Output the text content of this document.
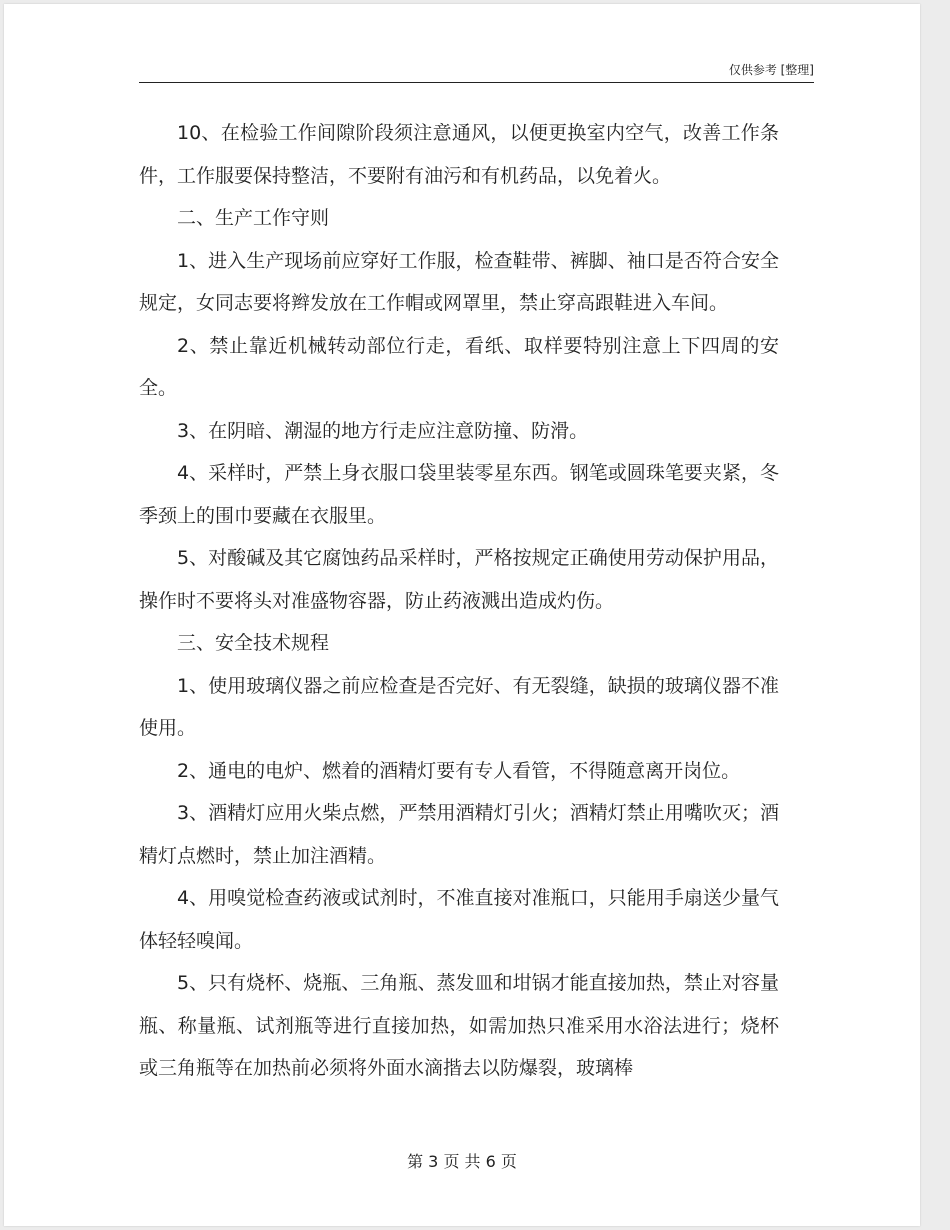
仅供参考 [整理]

10、在检验工作间隙阶段须注意通风，以便更换室内空气，改善工作条件，工作服要保持整洁，不要附有油污和有机药品，以免着火。

二、生产工作守则

1、进入生产现场前应穿好工作服，检查鞋带、裤脚、袖口是否符合安全规定，女同志要将辫发放在工作帽或网罩里，禁止穿高跟鞋进入车间。

2、禁止靠近机械转动部位行走，看纸、取样要特别注意上下四周的安全。

3、在阴暗、潮湿的地方行走应注意防撞、防滑。

4、采样时，严禁上身衣服口袋里装零星东西。钢笔或圆珠笔要夹紧，冬季颈上的围巾要藏在衣服里。

5、对酸碱及其它腐蚀药品采样时，严格按规定正确使用劳动保护用品，操作时不要将头对准盛物容器，防止药液溅出造成灼伤。

三、安全技术规程

1、使用玻璃仪器之前应检查是否完好、有无裂缝，缺损的玻璃仪器不准使用。

2、通电的电炉、燃着的酒精灯要有专人看管，不得随意离开岗位。

3、酒精灯应用火柴点燃，严禁用酒精灯引火；酒精灯禁止用嘴吹灭；酒精灯点燃时，禁止加注酒精。

4、用嗅觉检查药液或试剂时，不准直接对准瓶口，只能用手扇送少量气体轻轻嗅闻。

5、只有烧杯、烧瓶、三角瓶、蒸发皿和坩锅才能直接加热，禁止对容量瓶、称量瓶、试剂瓶等进行直接加热，如需加热只准采用水浴法进行；烧杯或三角瓶等在加热前必须将外面水滴揩去以防爆裂，玻璃棒

第 3 页 共 6 页
